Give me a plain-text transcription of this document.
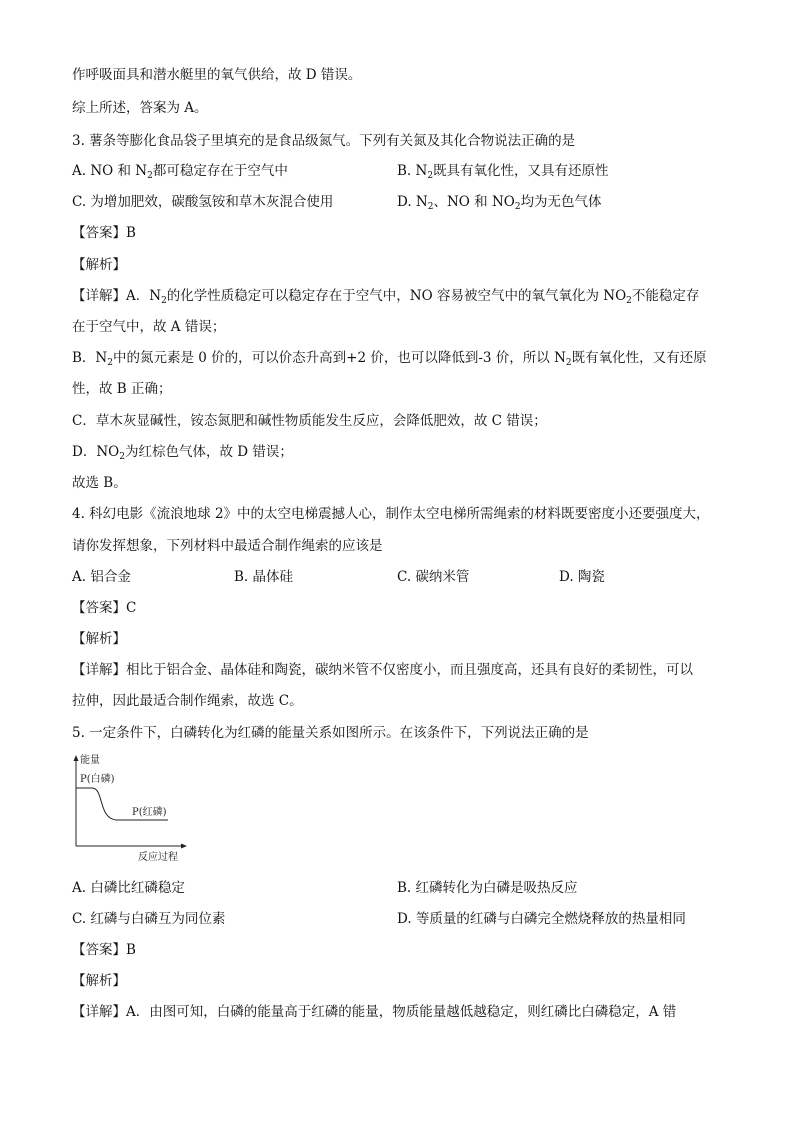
作呼吸面具和潜水艇里的氧气供给，故 D 错误。
综上所述，答案为 A。
3. 薯条等膨化食品袋子里填充的是食品级氮气。下列有关氮及其化合物说法正确的是
A. NO 和 $N_2$都可稳定存在于空气中	B. $N_2$既具有氧化性，又具有还原性
C. 为增加肥效，碳酸氢铵和草木灰混合使用	D. $N_2$、NO 和 $NO_2$均为无色气体
【答案】B
【解析】
【详解】A．$N_2$的化学性质稳定可以稳定存在于空气中，NO 容易被空气中的氧气氧化为 $NO_2$不能稳定存
在于空气中，故 A 错误；
B．$N_2$中的氮元素是 0 价的，可以价态升高到+2 价，也可以降低到-3 价，所以 $N_2$既有氧化性，又有还原
性，故 B 正确；
C．草木灰显碱性，铵态氮肥和碱性物质能发生反应，会降低肥效，故 C 错误；
D．$NO_2$为红棕色气体，故 D 错误；
故选 B。
4. 科幻电影《流浪地球 2》中的太空电梯震撼人心，制作太空电梯所需绳索的材料既要密度小还要强度大，
请你发挥想象，下列材料中最适合制作绳索的应该是
A. 铝合金	B. 晶体硅	C. 碳纳米管	D. 陶瓷
【答案】C
【解析】
【详解】相比于铝合金、晶体硅和陶瓷，碳纳米管不仅密度小，而且强度高，还具有良好的柔韧性，可以
拉伸，因此最适合制作绳索，故选 C。
5. 一定条件下，白磷转化为红磷的能量关系如图所示。在该条件下，下列说法正确的是
能量
P(白磷)
P(红磷)
反应过程
A. 白磷比红磷稳定	B. 红磷转化为白磷是吸热反应
C. 红磷与白磷互为同位素	D. 等质量的红磷与白磷完全燃烧释放的热量相同
【答案】B
【解析】
【详解】A．由图可知，白磷的能量高于红磷的能量，物质能量越低越稳定，则红磷比白磷稳定，A 错
